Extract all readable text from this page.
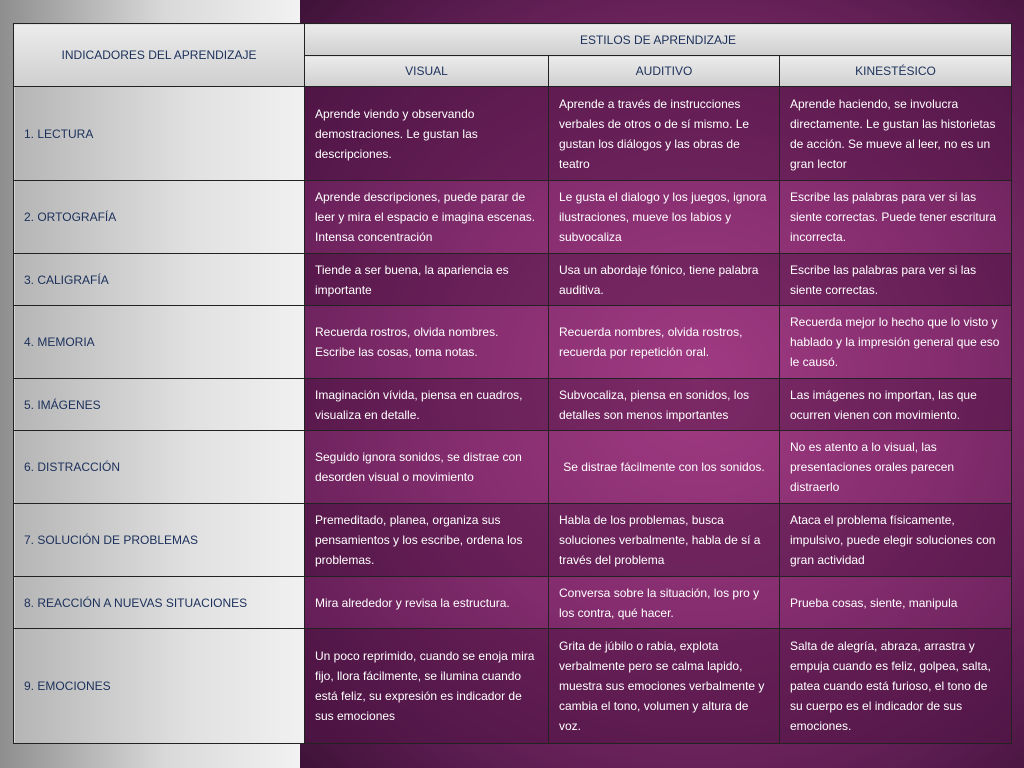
INDICADORES DEL APRENDIZAJE	ESTILOS DE APRENDIZAJE		
	VISUAL	AUDITIVO	KINESTÉSICO
1. LECTURA	Aprende viendo y observando demostraciones. Le gustan las descripciones.	Aprende a través de instrucciones verbales de otros o de sí mismo. Le gustan los diálogos y las obras de teatro	Aprende haciendo, se involucra directamente. Le gustan las historietas de acción. Se mueve al leer, no es un gran lector
2. ORTOGRAFÍA	Aprende descripciones, puede parar de leer y mira el espacio e imagina escenas. Intensa concentración	Le gusta el dialogo y los juegos, ignora ilustraciones, mueve los labios y subvocaliza	Escribe las palabras para ver si las siente correctas. Puede tener escritura incorrecta.
3. CALIGRAFÍA	Tiende a ser buena, la apariencia es importante	Usa un abordaje fónico, tiene palabra auditiva.	Escribe las palabras para ver si las siente correctas.
4. MEMORIA	Recuerda rostros, olvida nombres. Escribe las cosas, toma notas.	Recuerda nombres, olvida rostros, recuerda por repetición oral.	Recuerda mejor lo hecho que lo visto y hablado y la impresión general que eso le causó.
5. IMÁGENES	Imaginación vívida, piensa en cuadros, visualiza en detalle.	Subvocaliza, piensa en sonidos, los detalles son menos importantes	Las imágenes no importan, las que ocurren vienen con movimiento.
6. DISTRACCIÓN	Seguido ignora sonidos, se distrae con desorden visual o movimiento	Se distrae fácilmente con los sonidos.	No es atento a lo visual, las presentaciones orales parecen distraerlo
7. SOLUCIÓN DE PROBLEMAS	Premeditado, planea, organiza sus pensamientos y los escribe, ordena los problemas.	Habla de los problemas, busca soluciones verbalmente, habla de sí a través del problema	Ataca el problema físicamente, impulsivo, puede elegir soluciones con gran actividad
8. REACCIÓN A NUEVAS SITUACIONES	Mira alrededor y revisa la estructura.	Conversa sobre la situación, los pro y los contra, qué hacer.	Prueba cosas, siente, manipula
9. EMOCIONES	Un poco reprimido, cuando se enoja mira fijo, llora fácilmente, se ilumina cuando está feliz, su expresión es indicador de sus emociones	Grita de júbilo o rabia, explota verbalmente pero se calma lapido, muestra sus emociones verbalmente y cambia el tono, volumen y altura de voz.	Salta de alegría, abraza, arrastra y empuja cuando es feliz, golpea, salta, patea cuando está furioso, el tono de su cuerpo es el indicador de sus emociones.
